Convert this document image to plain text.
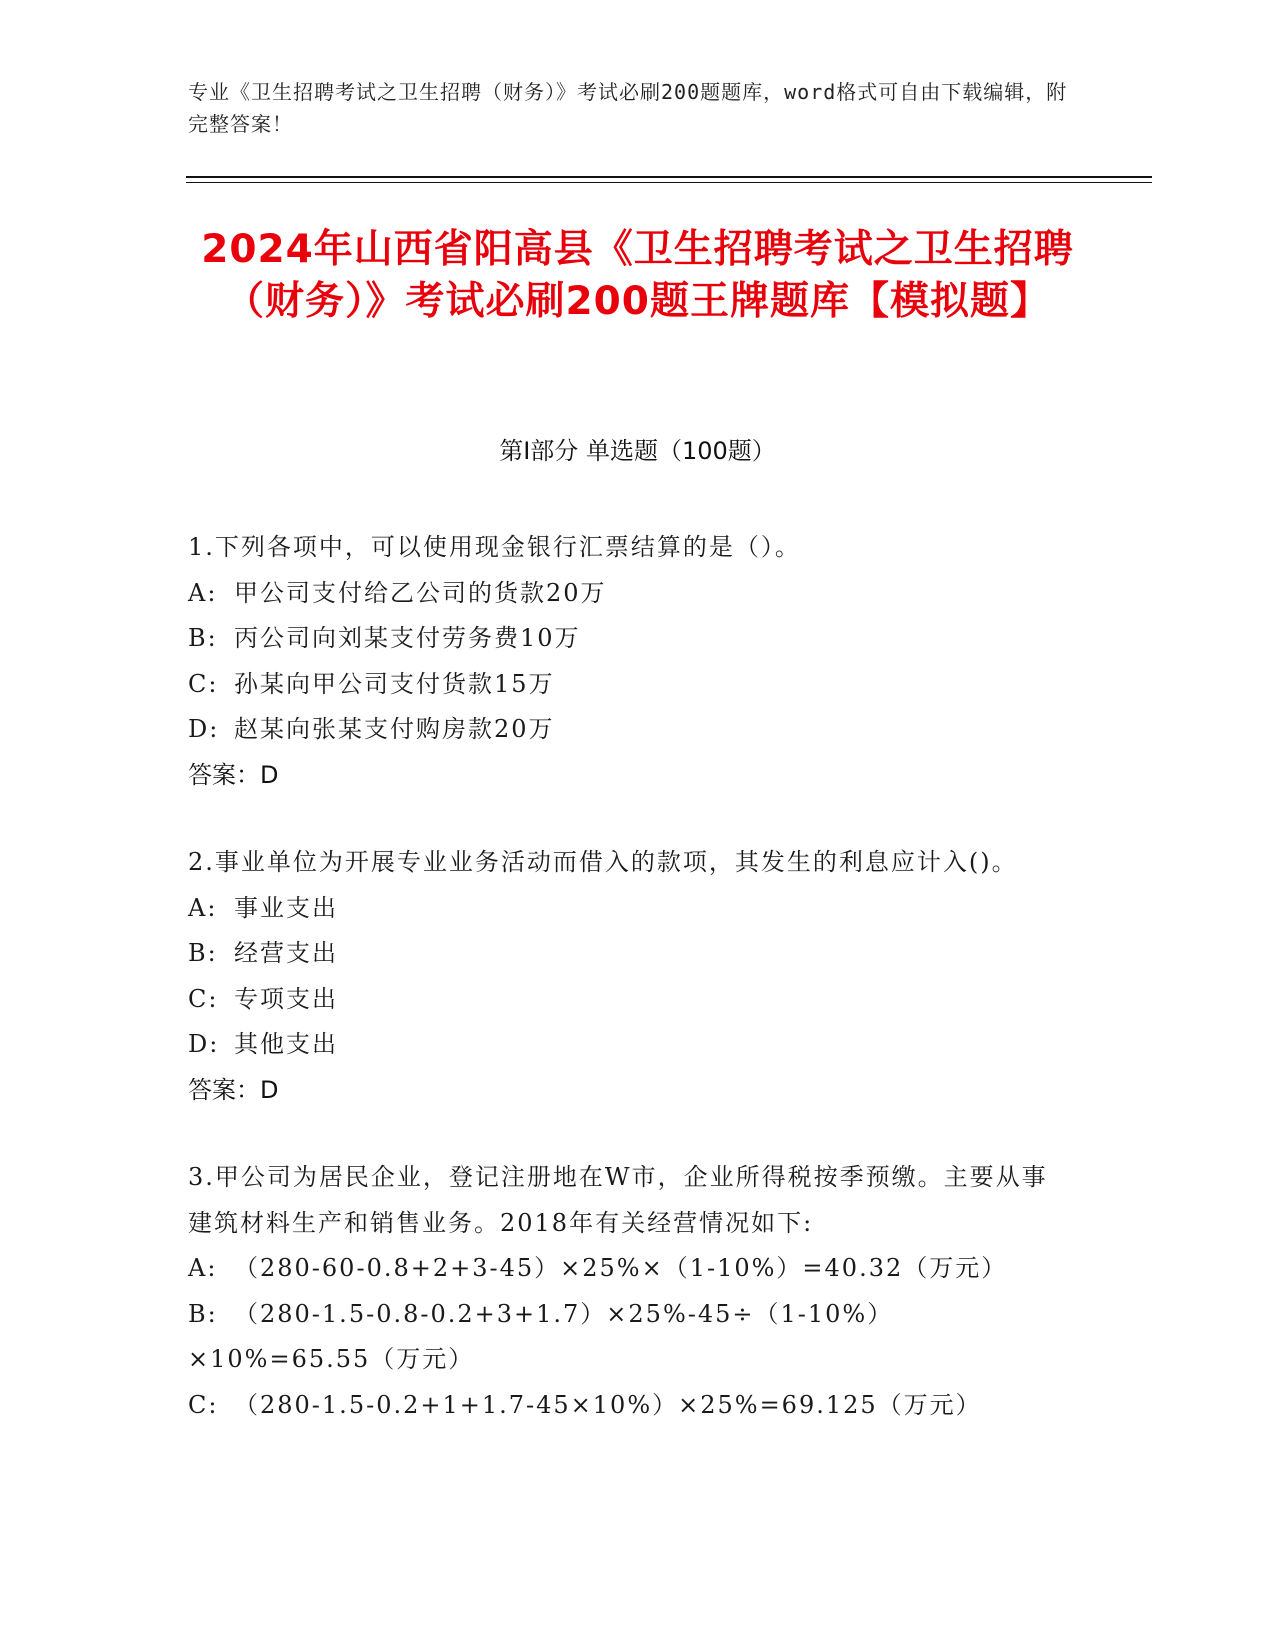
专业《卫生招聘考试之卫生招聘（财务）》考试必刷200题题库，word格式可自由下载编辑，附完整答案！
2024年山西省阳高县《卫生招聘考试之卫生招聘（财务）》考试必刷200题王牌题库【模拟题】
第I部分 单选题（100题）
1.下列各项中，可以使用现金银行汇票结算的是（）。
A: 甲公司支付给乙公司的货款20万
B: 丙公司向刘某支付劳务费10万
C: 孙某向甲公司支付货款15万
D: 赵某向张某支付购房款20万
答案：D
2.事业单位为开展专业业务活动而借入的款项，其发生的利息应计入()。
A: 事业支出
B: 经营支出
C: 专项支出
D: 其他支出
答案：D
3.甲公司为居民企业，登记注册地在W市，企业所得税按季预缴。主要从事建筑材料生产和销售业务。2018年有关经营情况如下:
A: （280-60-0.8+2+3-45）×25%×（1-10%）=40.32（万元）
B: （280-1.5-0.8-0.2+3+1.7）×25%-45÷（1-10%）×10%=65.55（万元）
C: （280-1.5-0.2+1+1.7-45×10%）×25%=69.125（万元）
